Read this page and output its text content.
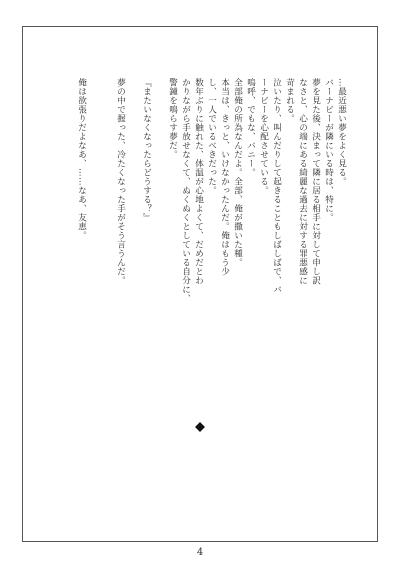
…最近悪い夢をよく見る。
バーナビーが隣にいる時は、特に。
夢を見た後、決まって隣に居る相手に対して申し訳
なさと、心の端にある綺麗な過去に対する罪悪感に
苛まれる。
泣いたり、叫んだりして起きることもしばしばで、バ
ーナビーを心配させている。
嗚呼、でもな、バニー。
全部俺の所為なんだよ。全部、俺が撒いた種。
本当は、きっと、いけなかったんだ。俺はもう少
し、一人でいるべきだった。
数年ぶりに触れた、体温が心地よくて、だめだとわ
かりながら手放せなくて、ぬくぬくとしている自分に、
警鐘を鳴らす夢だ。
『またいなくなったらどうする？』
夢の中で握った、冷たくなった手がそう言うんだ。
俺は欲張りだよなあ、……なあ、友恵。
4
